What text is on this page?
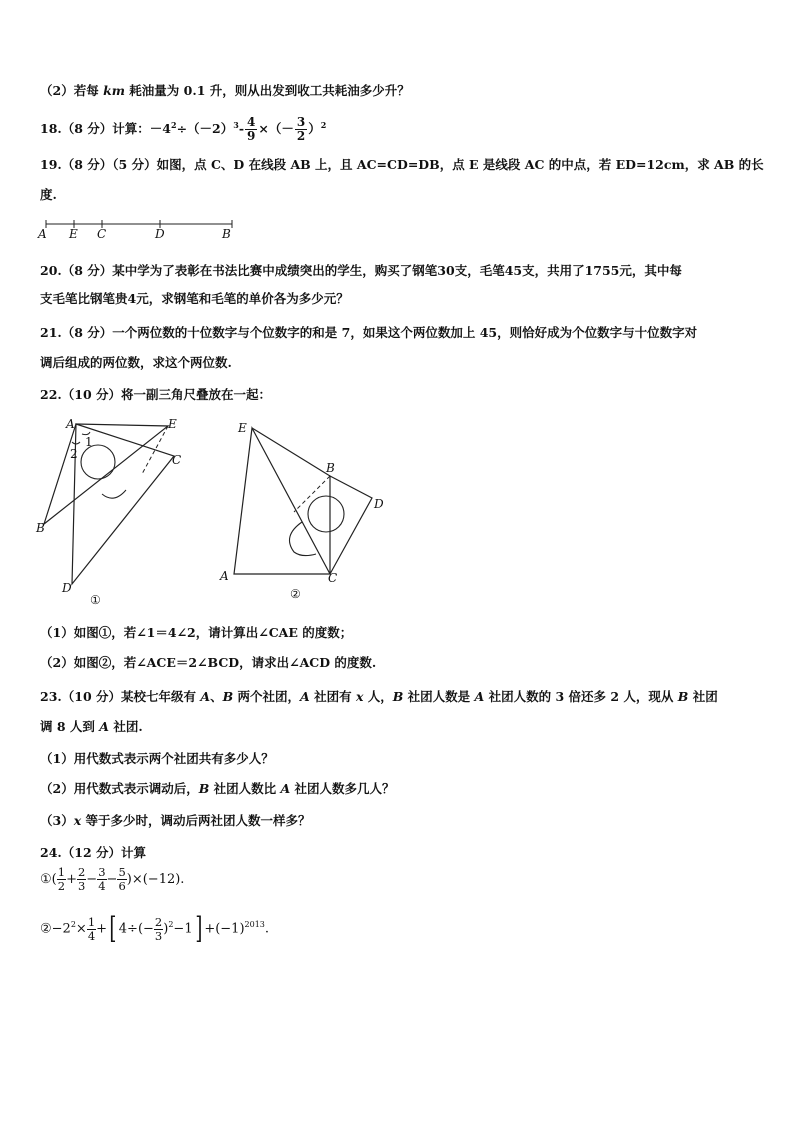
（2）若每 km 耗油量为 0.1 升，则从出发到收工共耗油多少升？
18.（8 分）计算：$-4^2\div(-2)^3- \frac{4}{9}$ ×（－ $\frac{3}{2} )^2$
19.（8 分）（5 分）如图，点 C、D 在线段 AB 上，且 AC=CD=DB，点 E 是线段 AC 的中点，若 ED=12cm，求 AB 的长
度.
A E C	D	B
20.（8 分）某中学为了表彰在书法比赛中成绩突出的学生，购买了钢笔30支，毛笔45支，共用了1755元，其中每
支毛笔比钢笔贵4元，求钢笔和毛笔的单价各为多少元？
21.（8 分）一个两位数的十位数字与个位数字的和是 7，如果这个两位数加上 45，则恰好成为个位数字与十位数字对
调后组成的两位数，求这个两位数.
22.（10 分）将一副三角尺叠放在一起：
A	E
C
B
D
1
2
①
E
B
D
A	C
②
（1）如图①，若∠1＝4∠2，请计算出∠CAE 的度数；
（2）如图②，若∠ACE＝2∠BCD，请求出∠ACD 的度数.
23.（10 分）某校七年级有 A、B 两个社团，A 社团有 x 人，B 社团人数是 A 社团人数的 3 倍还多 2 人，现从 B 社团
调 8 人到 A 社团.
（1）用代数式表示两个社团共有多少人？
（2）用代数式表示调动后，B 社团人数比 A 社团人数多几人？
（3）x 等于多少时，调动后两社团人数一样多？
24.（12 分）计算
①( $\frac{1}{2} + \frac{2}{3} - \frac{3}{4} - \frac{5}{6} )\times(-12)$.
$②-2^2\times \frac{1}{4}$ +[ $4\div(- \frac{2}{3} )^2-1] +(-1)^{2013}$.
